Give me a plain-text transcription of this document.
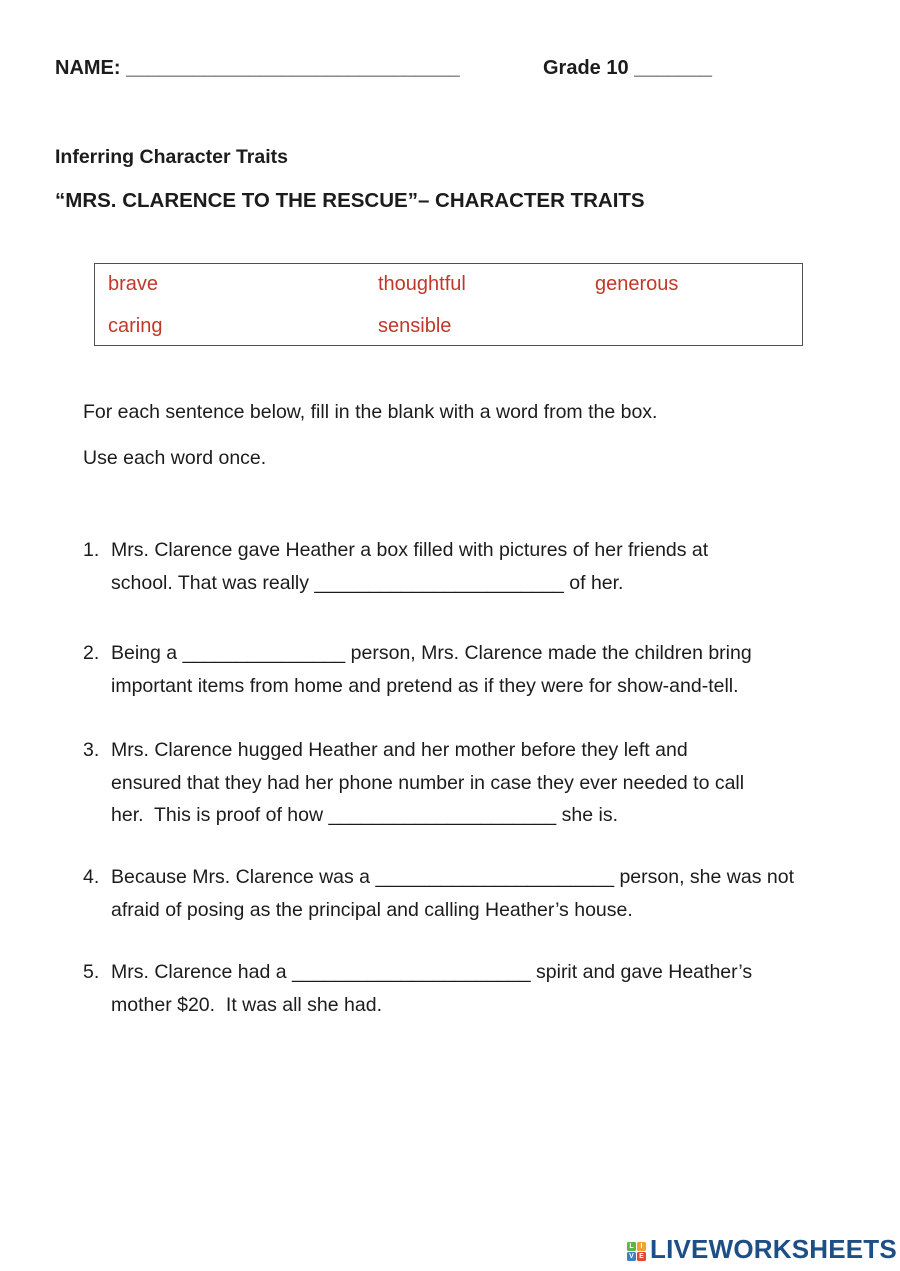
NAME: ______________________________	Grade 10 _______
Inferring Character Traits
“MRS. CLARENCE TO THE RESCUE”– CHARACTER TRAITS
brave	thoughtful	generous
caring	sensible
For each sentence below, fill in the blank with a word from the box.
Use each word once.
1. Mrs. Clarence gave Heather a box filled with pictures of her friends at
school. That was really _______________________ of her.
2. Being a _______________ person, Mrs. Clarence made the children bring
important items from home and pretend as if they were for show-and-tell.
3. Mrs. Clarence hugged Heather and her mother before they left and
ensured that they had her phone number in case they ever needed to call
her.  This is proof of how _____________________ she is.
4. Because Mrs. Clarence was a ______________________ person, she was not
afraid of posing as the principal and calling Heather’s house.
5. Mrs. Clarence had a ______________________ spirit and gave Heather’s
mother $20.  It was all she had.
L I
V E LIVEWORKSHEETS
